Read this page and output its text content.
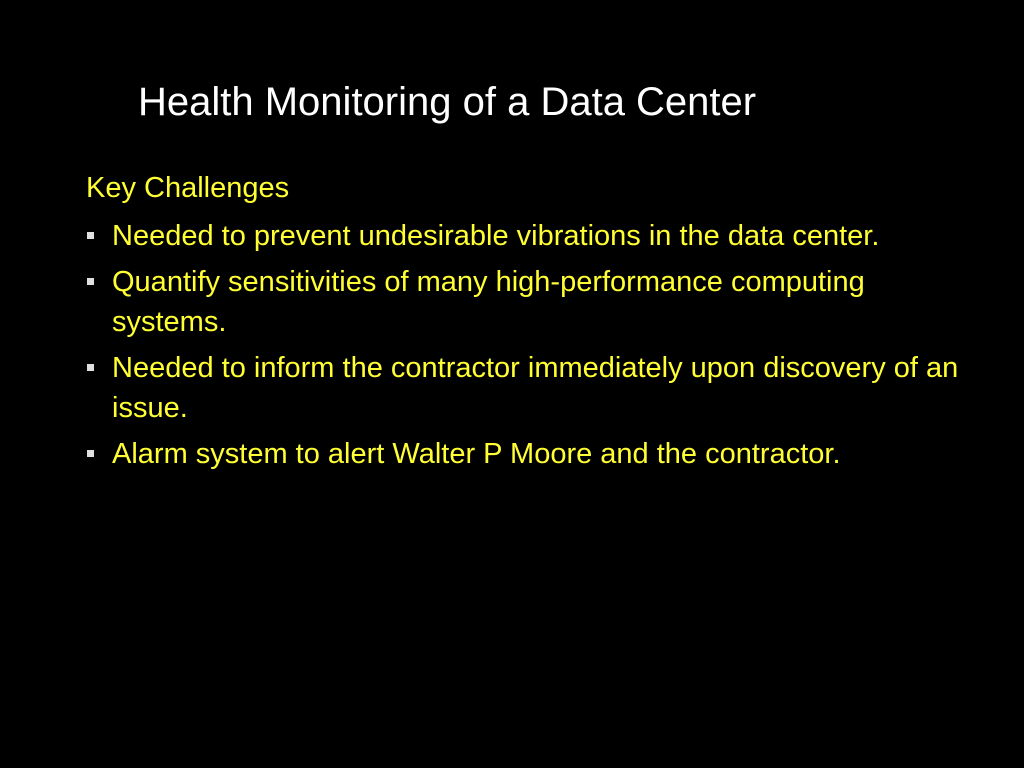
Health Monitoring of a Data Center

Key Challenges

Needed to prevent undesirable vibrations in the data center.
Quantify sensitivities of many high-performance computing systems.
Needed to inform the contractor immediately upon discovery of an issue.
Alarm system to alert Walter P Moore and the contractor.
